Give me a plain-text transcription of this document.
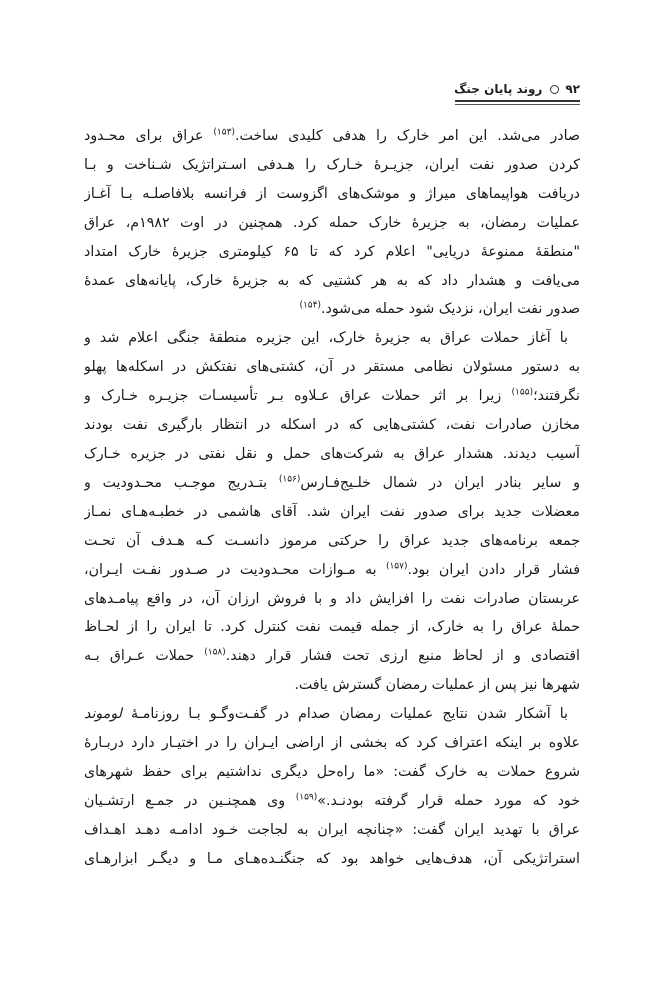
۹۲
روند پایان جنگ

صادر می‌شد. این امر خارک را هدفی کلیدی ساخت.$^{(۱۵۳)}$ عراق برای محـدود
کردن صدور نفت ایران، جزیـرهٔ خـارک را هـدفی اسـتراتژیک شـناخت و بـا
دریافت هواپیماهای میراژ و موشک‌های اگزوست از فرانسه بلافاصلـه بـا آغـاز
عملیات رمضان، به جزیرهٔ خارک حمله کرد. همچنین در اوت ۱۹۸۲م، عراق
"منطقهٔ ممنوعهٔ دریایی" اعلام کرد که تا ۶۵ کیلومتری جزیرهٔ خارک امتداد
می‌یافت و هشدار داد که به هر کشتیی که به جزیرهٔ خارک، پایانه‌های عمدهٔ
صدور نفت ایران، نزدیک شود حمله می‌شود.$^{(۱۵۴)}$

با آغاز حملات عراق به جزیرهٔ خارک، این جزیره منطقهٔ جنگی اعلام شد و
به دستور مسئولان نظامی مستقر در آن، کشتی‌های نفتکش در اسکله‌ها پهلو
نگرفتند؛$^{(۱۵۵)}$ زیرا بر اثر حملات عراق عـلاوه بـر تأسیسـات جزیـره خـارک و
مخازن صادرات نفت، کشتی‌هایی که در اسکله در انتظار بارگیری نفت بودند
آسیب دیدند. هشدار عراق به شرکت‌های حمل و نقل نفتی در جزیره خـارک
و سایر بنادر ایران در شمال خلـیج‌فـارس$^{(۱۵۶)}$ بتـدریج موجـب محـدودیت و
معضلات جدید برای صدور نفت ایران شد. آقای هاشمی در خطبـه‌هـای نمـاز
جمعه برنامه‌های جدید عراق را حرکتی مرموز دانسـت کـه هـدف آن تحـت
فشار قرار دادن ایران بود.$^{(۱۵۷)}$ به مـوازات محـدودیت در صـدور نفـت ایـران،
عربستان صادرات نفت را افزایش داد و با فروش ارزان آن، در واقع پیامـدهای
حملهٔ عراق را به خارک، از جمله قیمت نفت کنترل کرد. تا ایران را از لحـاظ
اقتصادی و از لحاظ منبع ارزی تحت فشار قرار دهند.$^{(۱۵۸)}$ حملات عـراق بـه
شهرها نیز پس از عملیات رمضان گسترش یافت.

با آشکار شدن نتایج عملیات رمضان صدام در گفـت‌وگـو بـا روزنامـهٔ لوموند
علاوه بر اینکه اعتراف کرد که بخشی از اراضی ایـران را در اختیـار دارد دربـارهٔ
شروع حملات به خارک گفت: «ما راه‌حل دیگری نداشتیم برای حفظ شهرهای
خود که مورد حمله قرار گرفته بودنـد.»$^{(۱۵۹)}$ وی همچنـین در جمـع ارتشـیان
عراق با تهدید ایران گفت: «چنانچه ایران به لجاجت خـود ادامـه دهـد اهـداف
استراتژیکی آن، هدف‌هایی خواهد بود که جنگنـده‌هـای مـا و دیگـر ابزارهـای
